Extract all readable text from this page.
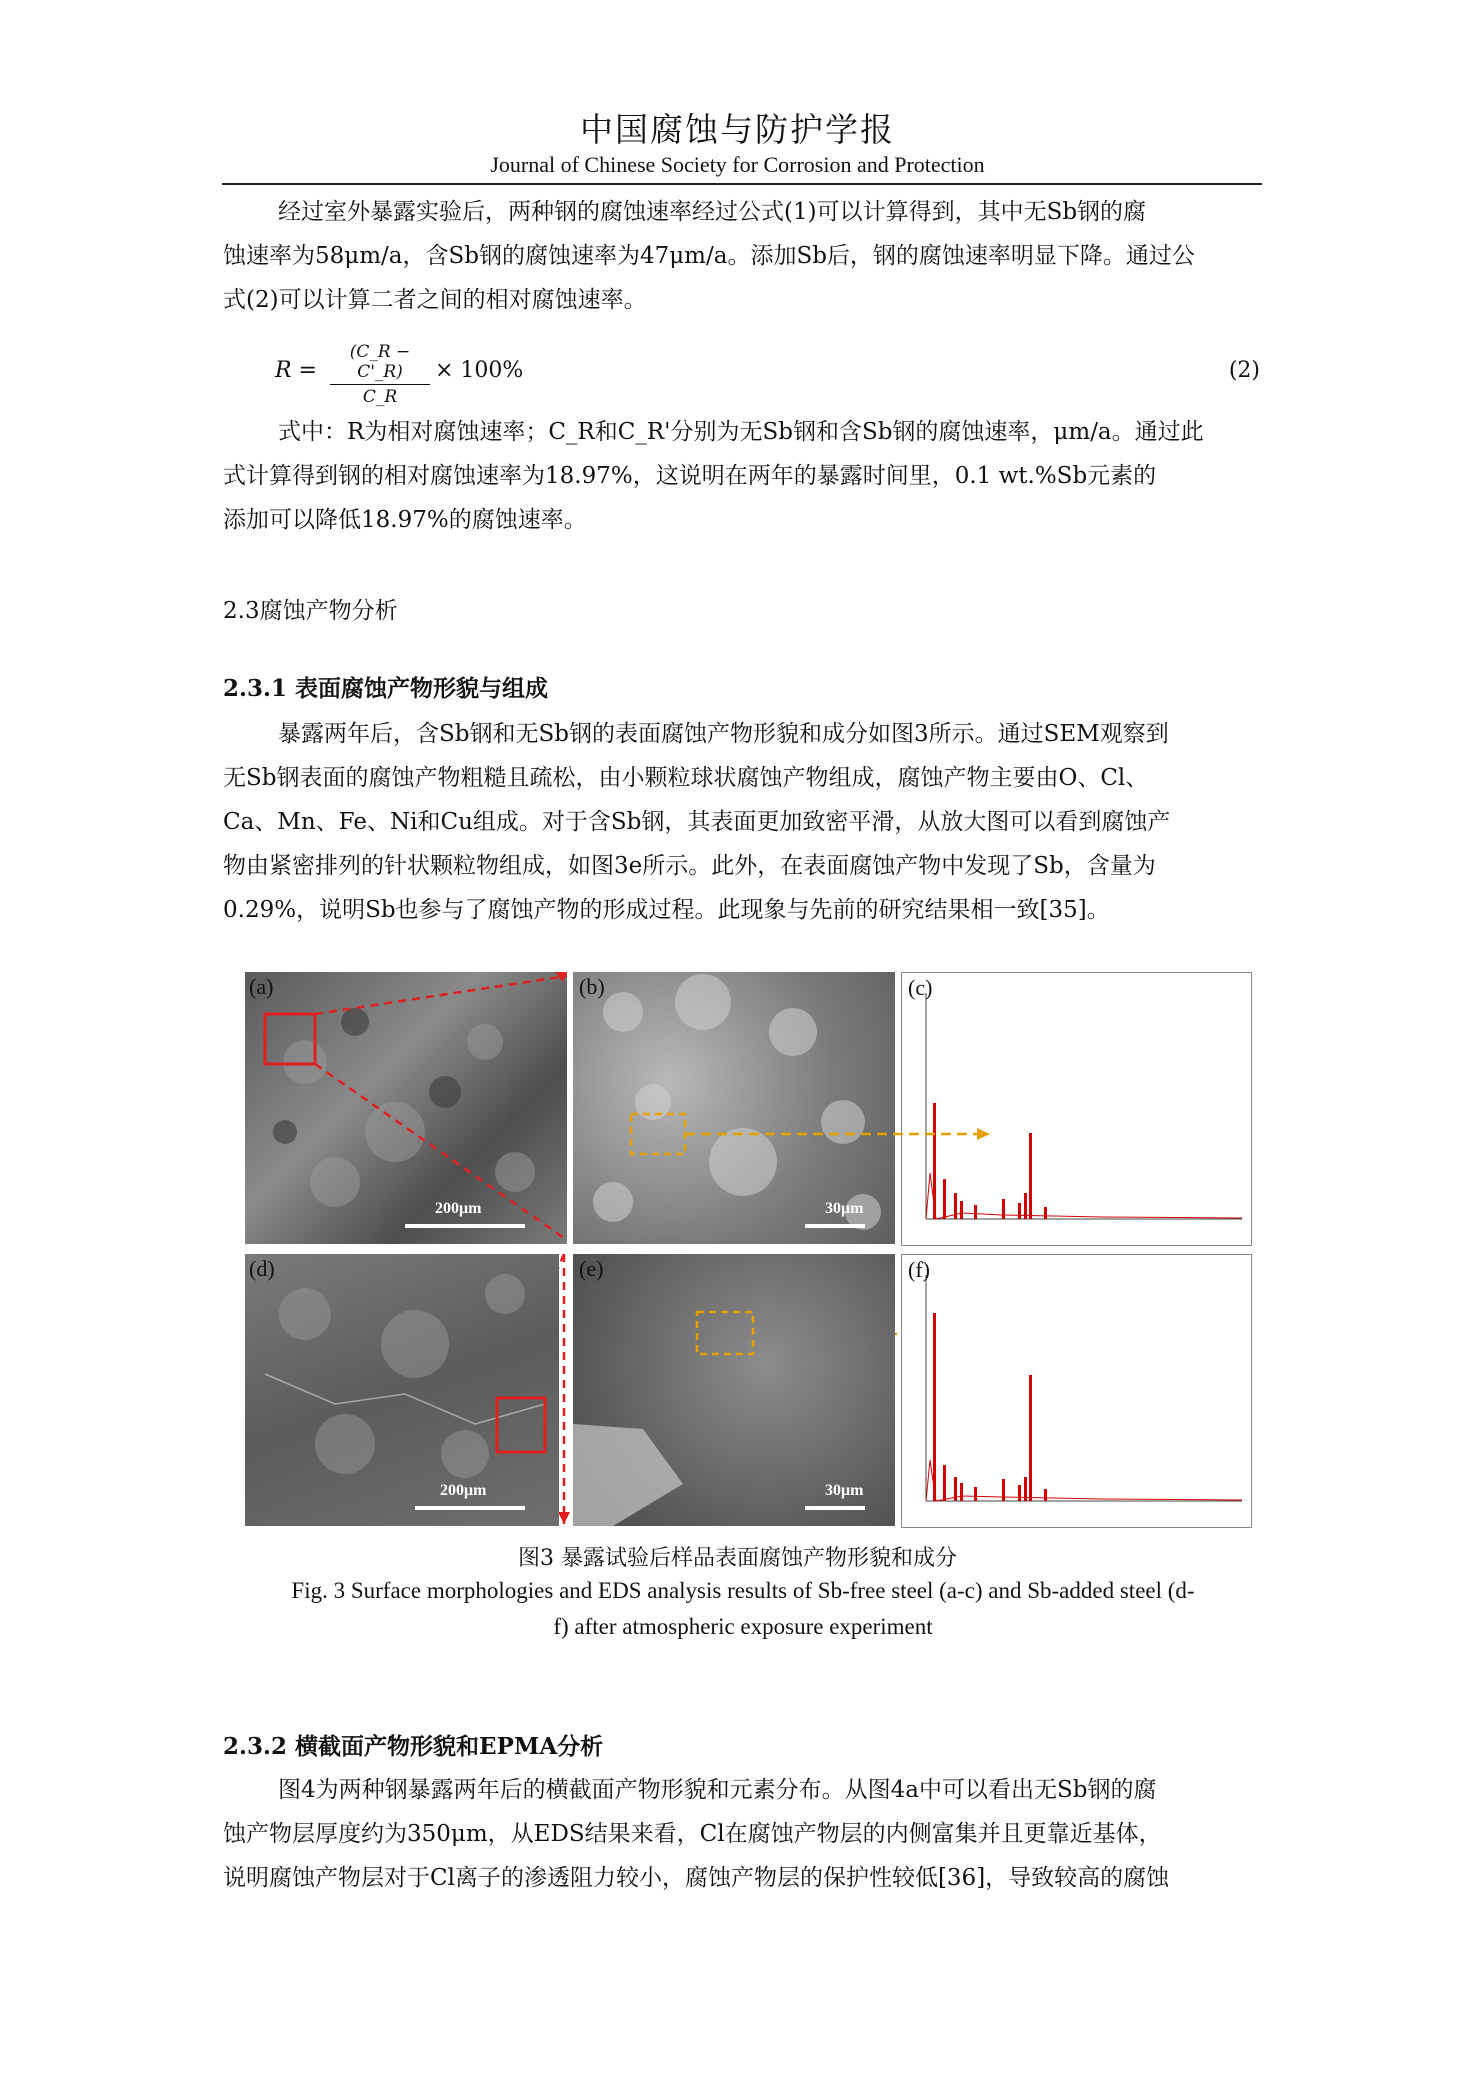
中国腐蚀与防护学报
Journal of Chinese Society for Corrosion and Protection
经过室外暴露实验后，两种钢的腐蚀速率经过公式(1)可以计算得到，其中无Sb钢的腐
蚀速率为58μm/a，含Sb钢的腐蚀速率为47μm/a。添加Sb后，钢的腐蚀速率明显下降。通过公
式(2)可以计算二者之间的相对腐蚀速率。
$R = \frac{(C\_R - C'\_R)}{C\_R} \times 100\%$	(2)
式中：R为相对腐蚀速率；C_R和C_R'分别为无Sb钢和含Sb钢的腐蚀速率，μm/a。通过此
式计算得到钢的相对腐蚀速率为18.97%，这说明在两年的暴露时间里，0.1 wt.%Sb元素的
添加可以降低18.97%的腐蚀速率。
2.3腐蚀产物分析
2.3.1 表面腐蚀产物形貌与组成
暴露两年后，含Sb钢和无Sb钢的表面腐蚀产物形貌和成分如图3所示。通过SEM观察到
无Sb钢表面的腐蚀产物粗糙且疏松，由小颗粒球状腐蚀产物组成，腐蚀产物主要由O、Cl、
Ca、Mn、Fe、Ni和Cu组成。对于含Sb钢，其表面更加致密平滑，从放大图可以看到腐蚀产
物由紧密排列的针状颗粒物组成，如图3e所示。此外，在表面腐蚀产物中发现了Sb，含量为
0.29%，说明Sb也参与了腐蚀产物的形成过程。此现象与先前的研究结果相一致[35]。
200μm
(a)
30μm
(b)	(c)
200μm
(d)
30μm
(e)	(f)
图3 暴露试验后样品表面腐蚀产物形貌和成分
Fig. 3 Surface morphologies and EDS analysis results of Sb-free steel (a-c) and Sb-added steel (d-
f) after atmospheric exposure experiment
2.3.2 横截面产物形貌和EPMA分析
图4为两种钢暴露两年后的横截面产物形貌和元素分布。从图4a中可以看出无Sb钢的腐
蚀产物层厚度约为350μm，从EDS结果来看，Cl在腐蚀产物层的内侧富集并且更靠近基体，
说明腐蚀产物层对于Cl离子的渗透阻力较小，腐蚀产物层的保护性较低[36]，导致较高的腐蚀
